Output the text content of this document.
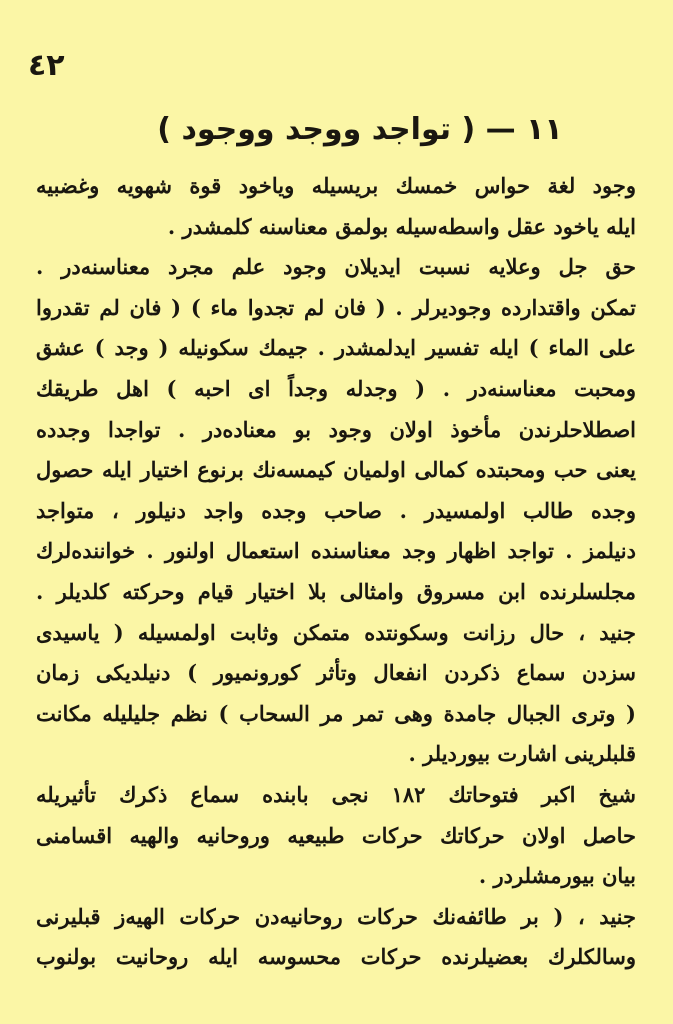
٤٢
١١ — ( تواجد ووجد ووجود )
وجود لغة حواس خمسك بريسيله وياخود قوة شهويه وغضبيه
ايله ياخود عقل واسطه‌سيله بولمق معناسنه كلمشدر .
حق جل وعلايه نسبت ايديلان وجود علم مجرد معناسنه‌در .
تمكن واقتدارده وجوديرلر . ( فان لم تجدوا ماء ) ( فان لم تقدروا
على الماء ) ايله تفسير ايدلمشدر . جيمك سكونيله ( وجد ) عشق
ومحبت معناسنه‌در . ( وجدله وجداً اى احبه ) اهل طريقك
اصطلاحلرندن مأخوذ اولان وجود بو معناده‌در . تواجدا وجدده
يعنى حب ومحبتده كمالى اولميان كيمسه‌نك برنوع اختيار ايله حصول
وجده طالب اولمسيدر . صاحب وجده واجد دنيلور ، متواجد
دنيلمز . تواجد اظهار وجد معناسنده استعمال اولنور . خواننده‌لرك
مجلسلرنده ابن مسروق وامثالى بلا اختيار قيام وحركته كلديلر .
جنيد ، حال رزانت وسكونتده متمكن وثابت اولمسيله ( ياسيدى
سزدن سماع ذكردن انفعال وتأثر كورونميور ) دنيلديكى زمان
( وترى الجبال جامدة وهى تمر مر السحاب ) نظم جليليله مكانت
قلبلرينى اشارت بيورديلر .
شيخ اكبر فتوحاتك ١٨٢ نجى بابنده سماع ذكرك تأثيريله
حاصل اولان حركاتك حركات طبيعيه وروحانيه والهيه اقسامنى
بيان بيورمشلردر .
جنيد ، ( بر طائفه‌نك حركات روحانيه‌دن حركات الهيه‌ز قبليرنى
وسالكلرك بعضيلرنده حركات محسوسه ايله روحانيت بولنوب
